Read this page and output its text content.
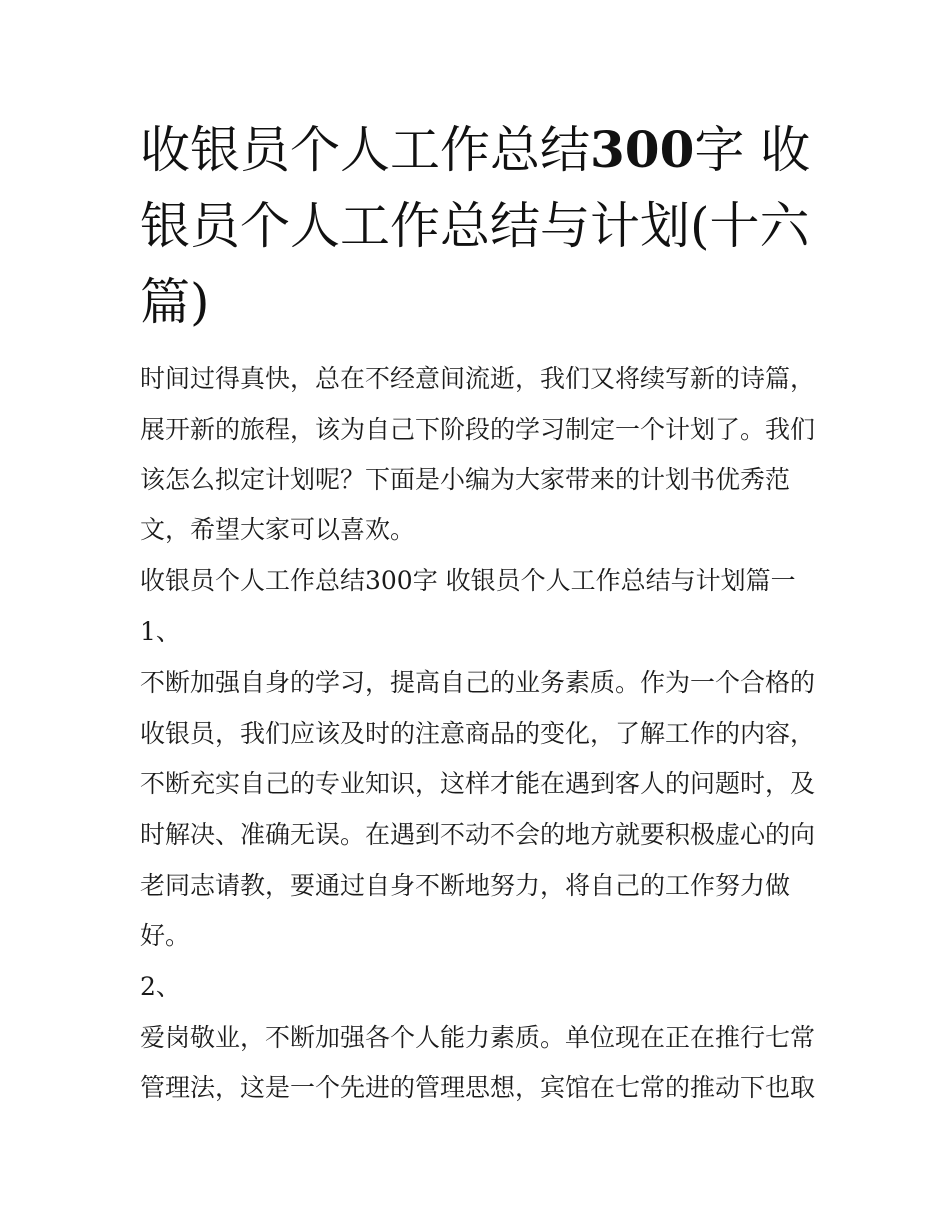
收银员个人工作总结300字 收银员个人工作总结与计划(十六篇)
时间过得真快，总在不经意间流逝，我们又将续写新的诗篇，
展开新的旅程，该为自己下阶段的学习制定一个计划了。我们
该怎么拟定计划呢？下面是小编为大家带来的计划书优秀范
文，希望大家可以喜欢。
收银员个人工作总结300字 收银员个人工作总结与计划篇一
1、
不断加强自身的学习，提高自己的业务素质。作为一个合格的
收银员，我们应该及时的注意商品的变化，了解工作的内容，
不断充实自己的专业知识，这样才能在遇到客人的问题时，及
时解决、准确无误。在遇到不动不会的地方就要积极虚心的向
老同志请教，要通过自身不断地努力，将自己的工作努力做
好。
2、
爱岗敬业，不断加强各个人能力素质。单位现在正在推行七常
管理法，这是一个先进的管理思想，宾馆在七常的推动下也取
